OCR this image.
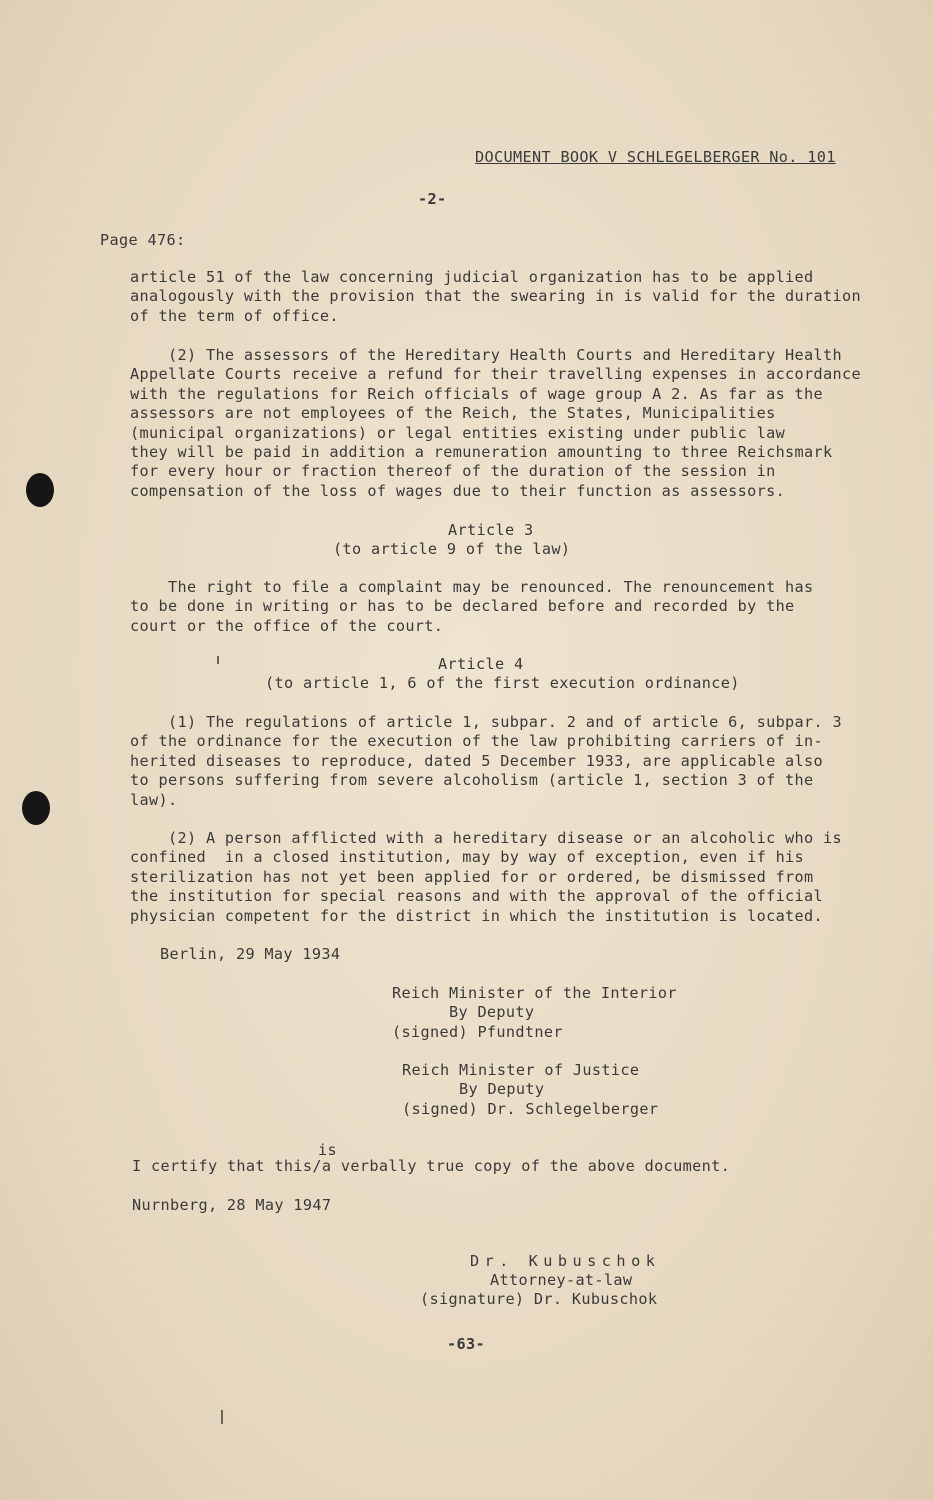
DOCUMENT BOOK V SCHLEGELBERGER No. 101
-2-
Page 476:
article 51 of the law concerning judicial organization has to be applied
analogously with the provision that the swearing in is valid for the duration
of the term of office.
(2) The assessors of the Hereditary Health Courts and Hereditary Health
Appellate Courts receive a refund for their travelling expenses in accordance
with the regulations for Reich officials of wage group A 2. As far as the
assessors are not employees of the Reich, the States, Municipalities
(municipal organizations) or legal entities existing under public law
they will be paid in addition a remuneration amounting to three Reichsmark
for every hour or fraction thereof of the duration of the session in
compensation of the loss of wages due to their function as assessors.
Article 3
(to article 9 of the law)
The right to file a complaint may be renounced. The renouncement has
to be done in writing or has to be declared before and recorded by the
court or the office of the court.
Article 4
(to article 1, 6 of the first execution ordinance)
(1) The regulations of article 1, subpar. 2 and of article 6, subpar. 3
of the ordinance for the execution of the law prohibiting carriers of in-
herited diseases to reproduce, dated 5 December 1933, are applicable also
to persons suffering from severe alcoholism (article 1, section 3 of the
law).
(2) A person afflicted with a hereditary disease or an alcoholic who is
confined  in a closed institution, may by way of exception, even if his
sterilization has not yet been applied for or ordered, be dismissed from
the institution for special reasons and with the approval of the official
physician competent for the district in which the institution is located.
Berlin, 29 May 1934
Reich Minister of the Interior
By Deputy
(signed) Pfundtner
Reich Minister of Justice
By Deputy
(signed) Dr. Schlegelberger
is
I certify that this/a verbally true copy of the above document.
Nurnberg, 28 May 1947
Dr. Kubuschok
Attorney-at-law
(signature) Dr. Kubuschok
-63-
